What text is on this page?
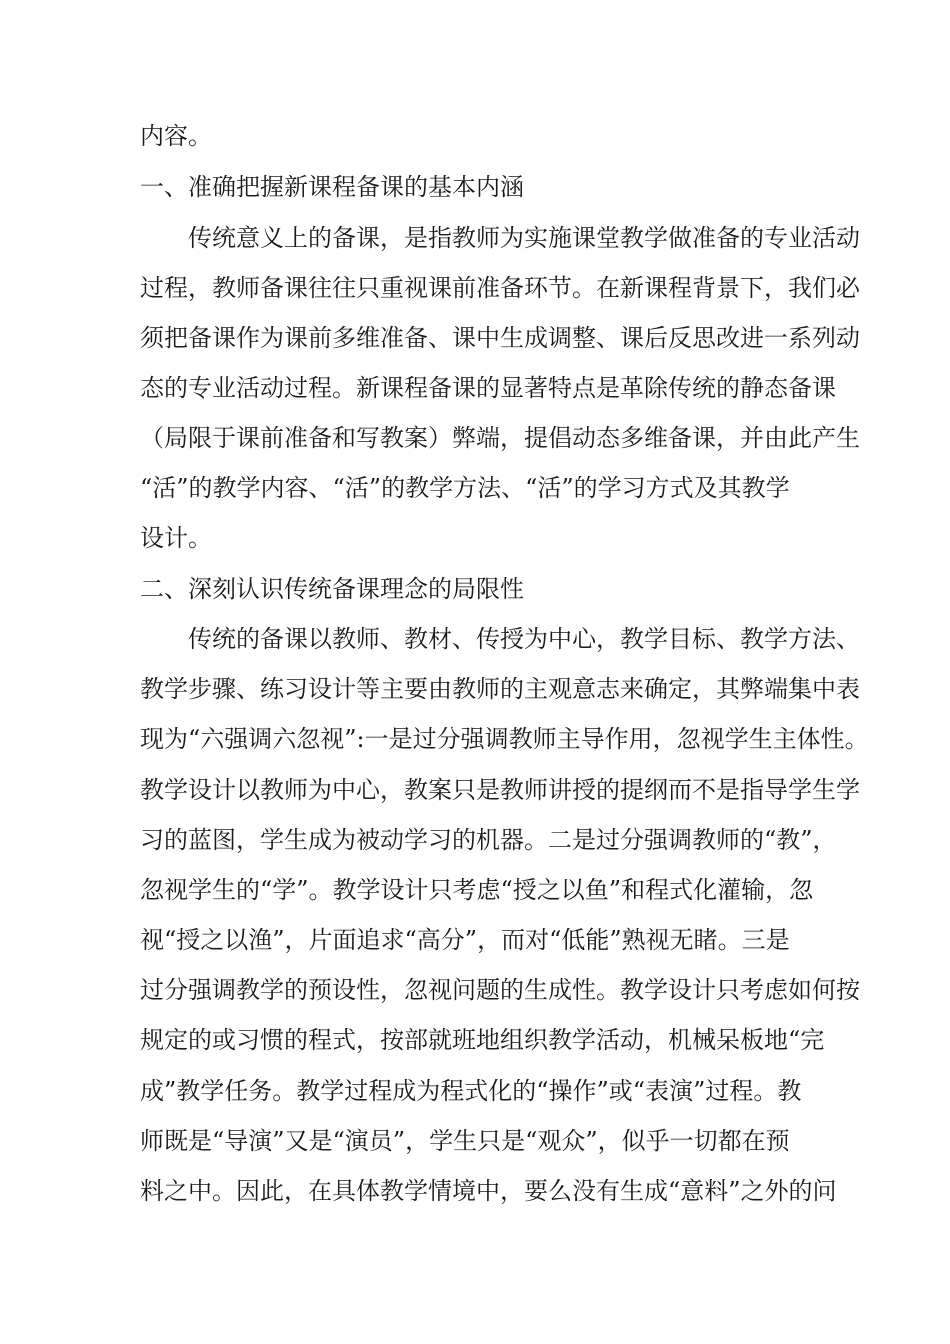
内容。
一、准确把握新课程备课的基本内涵
传统意义上的备课，是指教师为实施课堂教学做准备的专业活动
过程，教师备课往往只重视课前准备环节。在新课程背景下，我们必
须把备课作为课前多维准备、课中生成调整、课后反思改进一系列动
态的专业活动过程。新课程备课的显著特点是革除传统的静态备课
（局限于课前准备和写教案）弊端，提倡动态多维备课，并由此产生
“活”的教学内容、“活”的教学方法、“活”的学习方式及其教学
设计。
二、深刻认识传统备课理念的局限性
传统的备课以教师、教材、传授为中心，教学目标、教学方法、
教学步骤、练习设计等主要由教师的主观意志来确定，其弊端集中表
现为“六强调六忽视”:一是过分强调教师主导作用，忽视学生主体性。
教学设计以教师为中心，教案只是教师讲授的提纲而不是指导学生学
习的蓝图，学生成为被动学习的机器。二是过分强调教师的“教”，
忽视学生的“学”。教学设计只考虑“授之以鱼”和程式化灌输，忽
视“授之以渔”，片面追求“高分”，而对“低能”熟视无睹。三是
过分强调教学的预设性，忽视问题的生成性。教学设计只考虑如何按
规定的或习惯的程式，按部就班地组织教学活动，机械呆板地“完
成”教学任务。教学过程成为程式化的“操作”或“表演”过程。教
师既是“导演”又是“演员”，学生只是“观众”，似乎一切都在预
料之中。因此，在具体教学情境中，要么没有生成“意料”之外的问
